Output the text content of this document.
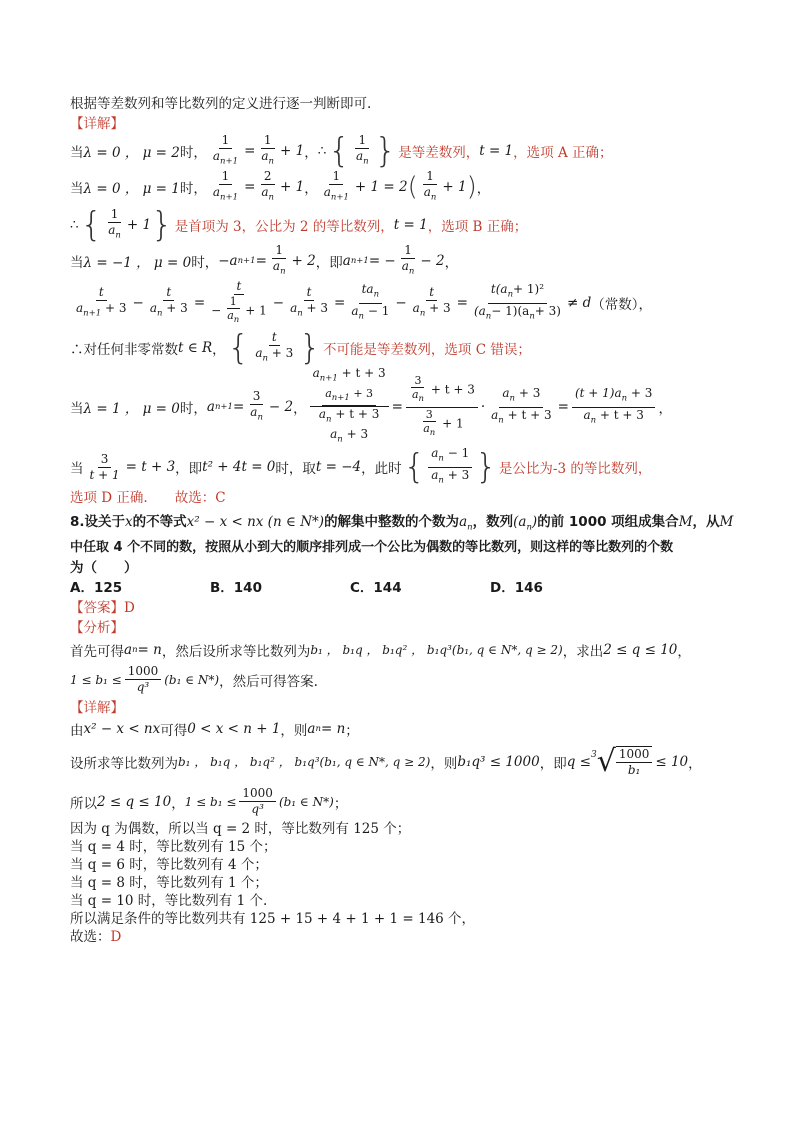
根据等差数列和等比数列的定义进行逐一判断即可.
【详解】
当 λ = 0 ， μ = 2 时， $\frac{1}{a_{n+1}} = \frac{1}{a_n} + 1$ ， ∴ { $\frac{1}{a_n}$ } 是等差数列， t = 1 ，选项 A 正确；
当 λ = 0 ， μ = 1 时， $\frac{1}{a_{n+1}} = \frac{2}{a_n} + 1$ ， $\frac{1}{a_{n+1}} + 1 = 2$ ( $\frac{1}{a_n} + 1$ ) ，
∴ { $\frac{1}{a_n} + 1$ } 是首项为 3，公比为 2 的等比数列， t = 1 ，选项 B 正确；
当 λ = −1 ， μ = 0 时， −a $n+1 = \frac{1}{a_n} + 2$ ，即 a n+1 = − $\frac{1}{a_n} - 2$ ，
$\frac{t}{a_{n+1} + 3} - \frac{t}{a_n + 3} = \frac{t}{- \frac{1}{a_n} + 1} - \frac{t}{a_n + 3} = \frac{ta_n}{a_n - 1} - \frac{t}{a_n + 3} = \frac{t(a_n+ 1)^2}{(a_n- 1)(a_n+ 3)} \ne d$ （常数），
∴对任何非零常数 t ∈ R ， { $\frac{t}{a_n + 3}$ } 不可能是等差数列，选项 C 错误；
当 λ = 1 ， μ = 0 时， a $n+1 = \frac{3}{a_n} - 2$ ，
$a_{n+1} + t + 3$

$a_{n+1} + 3$
$a_n + t + 3$
$a_n + 3$
= $\frac{\frac{3}{a_n} + t + 3}{\frac{3}{a_n} + 1} \cdot \frac{a_n + 3}{a_n + t + 3} = \frac{(t + 1)a_n + 3}{a_n + t + 3}$ ，
当 $\frac{3}{t + 1} = t + 3$ ，即 t² + 4t = 0 时，取 t = −4 ，此时 { $\frac{a_n - 1}{a_n + 3}$ } 是公比为-3 的等比数列，
选项 D 正确.　　 故选：C
8.设关于x的不等式x² − x < nx (n ∈ N*)的解集中整数的个数为$a_n$，数列$(a_n)$的前 1000 项组成集合M，从M
中任取 4 个不同的数，按照从小到大的顺序排列成一个公比为偶数的等比数列，则这样的等比数列的个数
为（　　）
A．125	B．140	C．144	D．146
【答案】D
【分析】
首先可得 a n = n ，然后设所求等比数列为 b₁ ， b₁q ， b₁q² ， b₁q³(b₁, q ∈ N*, q ≥ 2) ，求出 2 ≤ q ≤ 10 ，
$1 \le b_1 \le \frac{1000}{\text{q³}} (b_1$ ∈ N*) ，然后可得答案.
【详解】
由 x² − x < nx 可得 0 < x < n + 1 ，则 a n = n ；
设所求等比数列为 b₁ ， b₁q ， b₁q² ， b₁q³(b₁, q ∈ N*, q ≥ 2) ，则 b₁q³ ≤ 1000 ，即 q ≤ 3 √ $\frac{1000}{\text{b₁}} \le 10$ ，
所以 2 ≤ q ≤ 10 ， $1 \le b_1 \le \frac{1000}{\text{q³}} (b_1$ ∈ N*) ；
因为 q 为偶数，所以当 q = 2 时，等比数列有 125 个；
当 q = 4 时，等比数列有 15 个；
当 q = 6 时，等比数列有 4 个；
当 q = 8 时，等比数列有 1 个；
当 q = 10 时，等比数列有 1 个.
所以满足条件的等比数列共有 125 + 15 + 4 + 1 + 1 = 146 个，
故选：D
